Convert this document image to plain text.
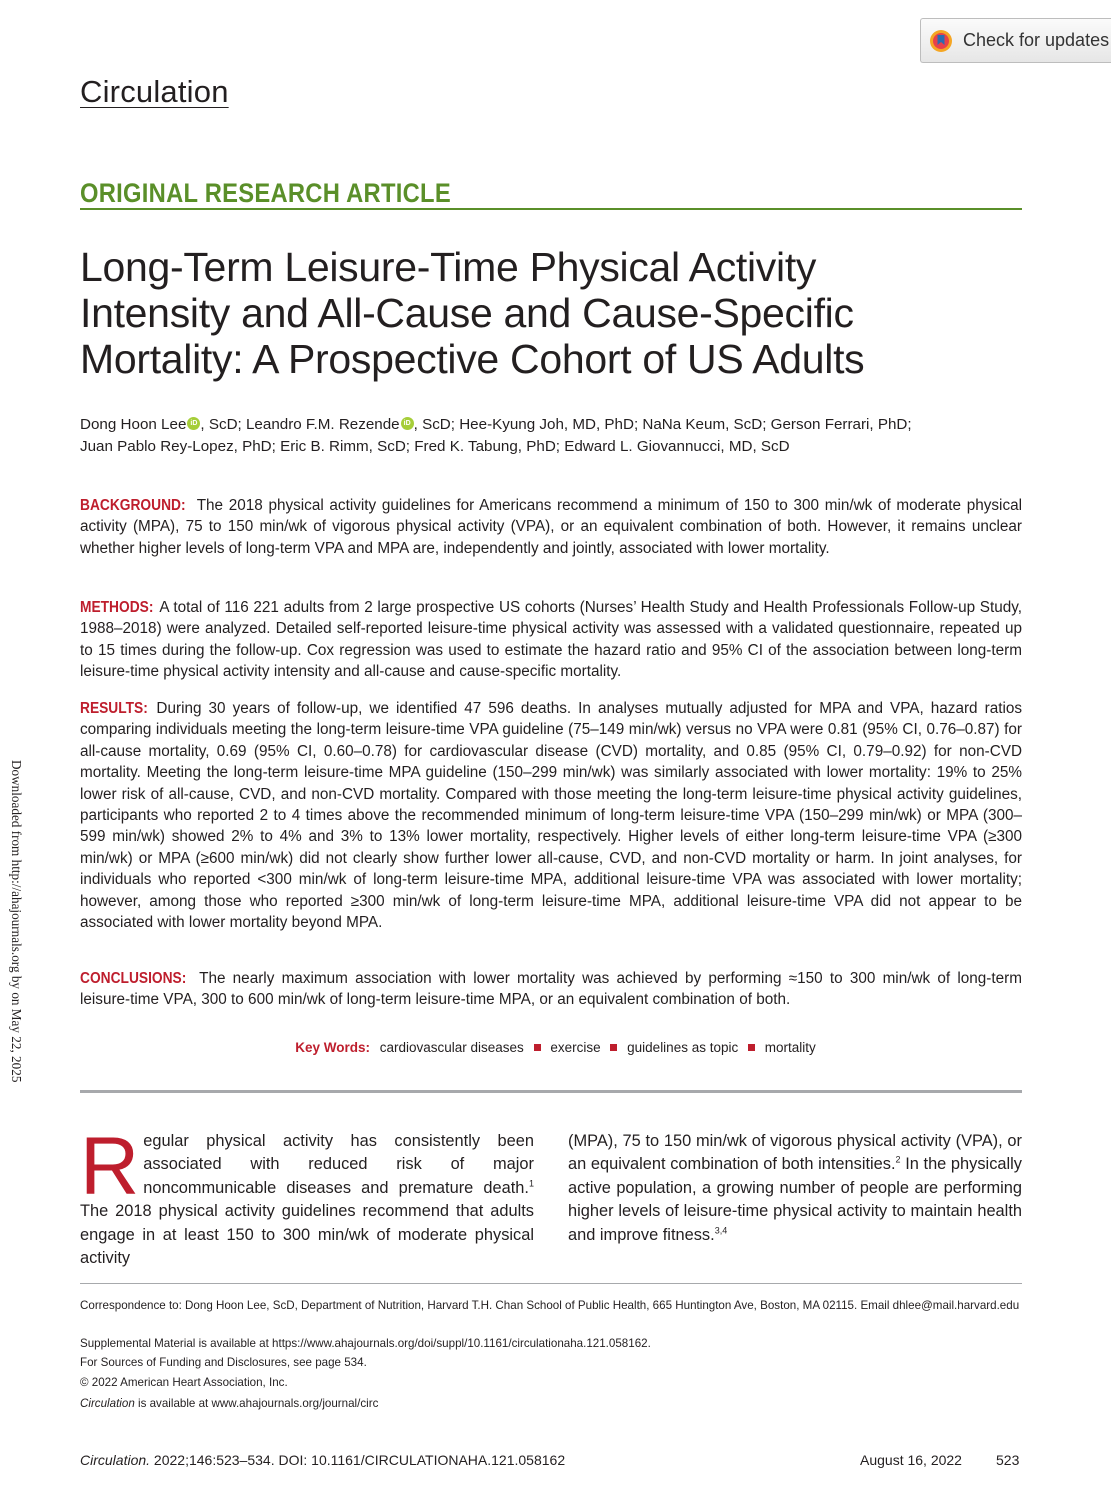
Check for updates
Circulation
ORIGINAL RESEARCH ARTICLE
Long-Term Leisure-Time Physical Activity
Intensity and All-Cause and Cause-Specific
Mortality: A Prospective Cohort of US Adults
Dong Hoon Lee iD , ScD; Leandro F.M. Rezende iD , ScD; Hee-Kyung Joh, MD, PhD; NaNa Keum, ScD; Gerson Ferrari, PhD;
Juan Pablo Rey-Lopez, PhD; Eric B. Rimm, ScD; Fred K. Tabung, PhD; Edward L. Giovannucci, MD, ScD

BACKGROUND: The 2018 physical activity guidelines for Americans recommend a minimum of 150 to 300 min/wk of moderate physical activity (MPA), 75 to 150 min/wk of vigorous physical activity (VPA), or an equivalent combination of both. However, it remains unclear whether higher levels of long-term VPA and MPA are, independently and jointly, associated with lower mortality.

METHODS: A total of 116 221 adults from 2 large prospective US cohorts (Nurses’ Health Study and Health Professionals Follow-up Study, 1988–2018) were analyzed. Detailed self-reported leisure-time physical activity was assessed with a validated questionnaire, repeated up to 15 times during the follow-up. Cox regression was used to estimate the hazard ratio and 95% CI of the association between long-term leisure-time physical activity intensity and all-cause and cause-specific mortality.

RESULTS: During 30 years of follow-up, we identified 47 596 deaths. In analyses mutually adjusted for MPA and VPA, hazard ratios comparing individuals meeting the long-term leisure-time VPA guideline (75–149 min/wk) versus no VPA were 0.81 (95% CI, 0.76–0.87) for all-cause mortality, 0.69 (95% CI, 0.60–0.78) for cardiovascular disease (CVD) mortality, and 0.85 (95% CI, 0.79–0.92) for non-CVD mortality. Meeting the long-term leisure-time MPA guideline (150–299 min/wk) was similarly associated with lower mortality: 19% to 25% lower risk of all-cause, CVD, and non-CVD mortality. Compared with those meeting the long-term leisure-time physical activity guidelines, participants who reported 2 to 4 times above the recommended minimum of long-term leisure-time VPA (150–299 min/wk) or MPA (300–599 min/wk) showed 2% to 4% and 3% to 13% lower mortality, respectively. Higher levels of either long-term leisure-time VPA (≥300 min/wk) or MPA (≥600 min/wk) did not clearly show further lower all-cause, CVD, and non-CVD mortality or harm. In joint analyses, for individuals who reported <300 min/wk of long-term leisure-time MPA, additional leisure-time VPA was associated with lower mortality; however, among those who reported ≥300 min/wk of long-term leisure-time MPA, additional leisure-time VPA did not appear to be associated with lower mortality beyond MPA.

CONCLUSIONS: The nearly maximum association with lower mortality was achieved by performing ≈150 to 300 min/wk of long-term leisure-time VPA, 300 to 600 min/wk of long-term leisure-time MPA, or an equivalent combination of both.

Key Words: cardiovascular diseases exercise guidelines as topic mortality
Regular physical activity has consistently been associated with reduced risk of major noncommunicable diseases and premature death.$^1$ The 2018 physical activity guidelines recommend that adults engage in at least 150 to 300 min/wk of moderate physical activity
(MPA), 75 to 150 min/wk of vigorous physical activity (VPA), or an equivalent combination of both intensities.$^2$ In the physically active population, a growing number of people are performing higher levels of leisure-time physical activity to maintain health and improve fitness.$^{3,4}$

Correspondence to: Dong Hoon Lee, ScD, Department of Nutrition, Harvard T.H. Chan School of Public Health, 665 Huntington Ave, Boston, MA 02115. Email dhlee@mail.harvard.edu

Supplemental Material is available at https://www.ahajournals.org/doi/suppl/10.1161/circulationaha.121.058162.

For Sources of Funding and Disclosures, see page 534.

© 2022 American Heart Association, Inc.

Circulation is available at www.ahajournals.org/journal/circ

Circulation. 2022;146:523–534. DOI: 10.1161/CIRCULATIONAHA.121.058162	August 16, 2022 523
Downloaded from http://ahajournals.org by on May 22, 2025
